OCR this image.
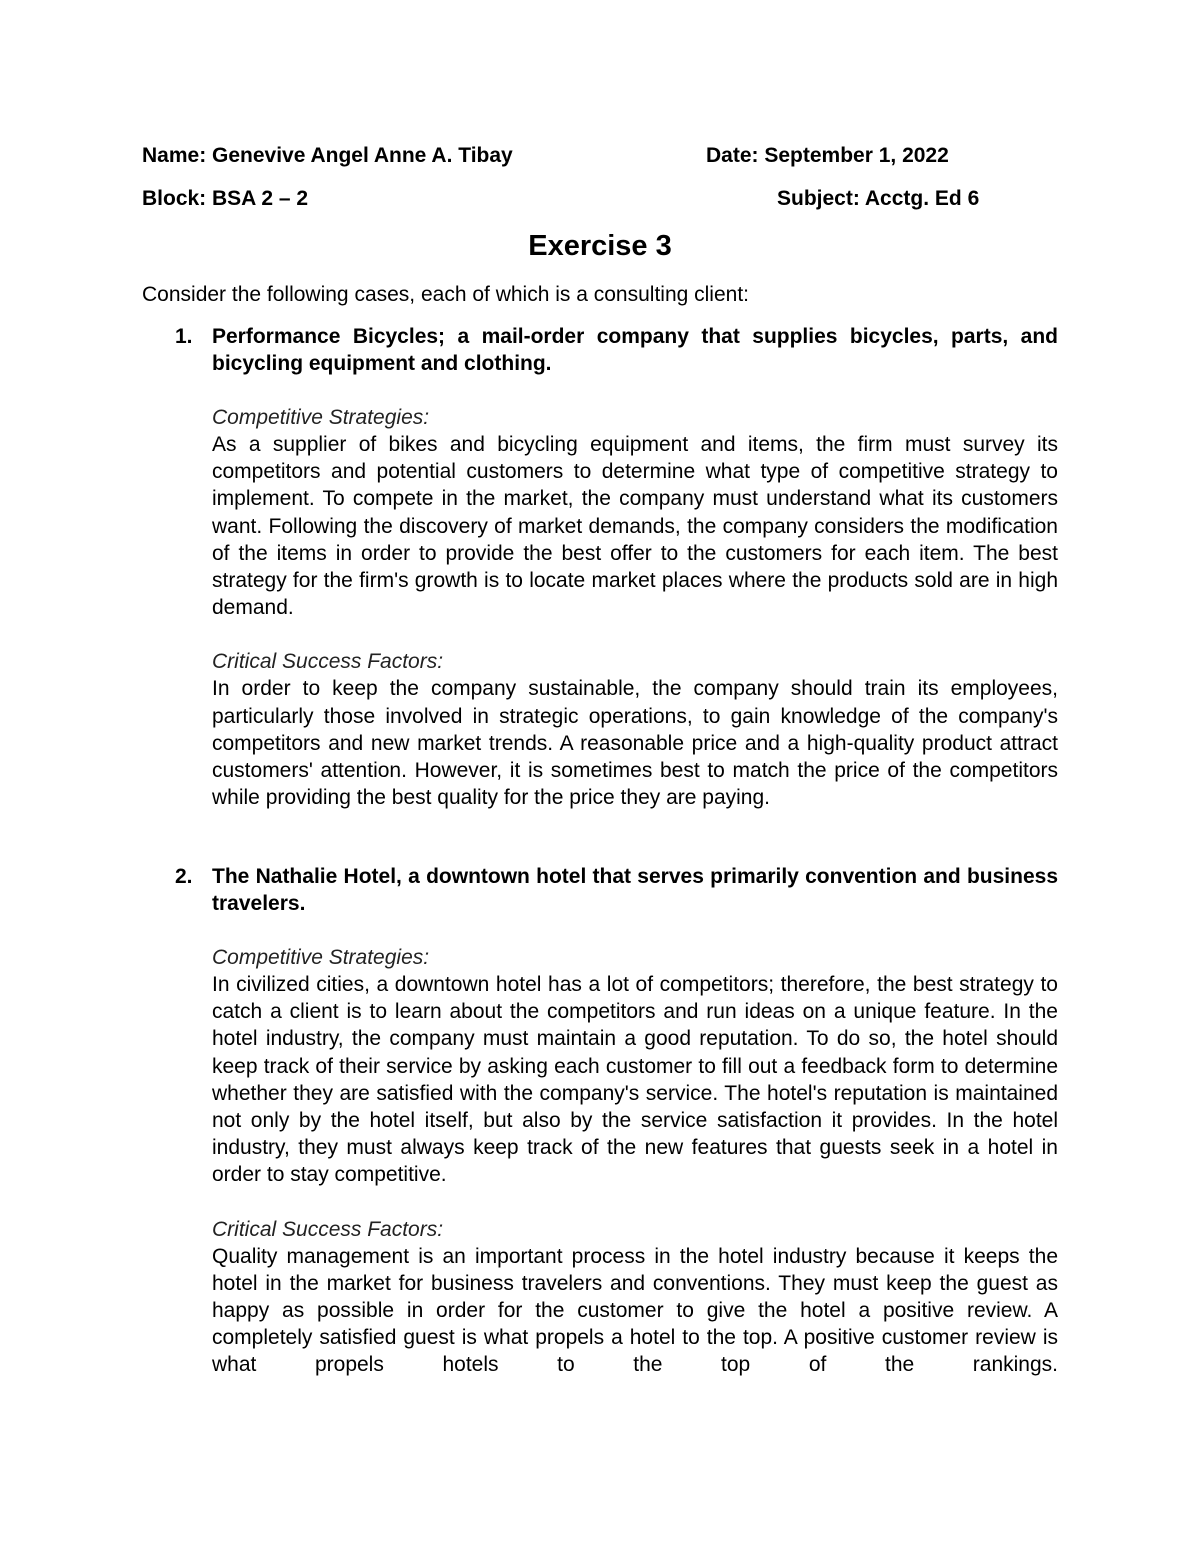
Name: Genevive Angel Anne A. Tibay	Date: September 1, 2022
Block: BSA 2 – 2	Subject: Acctg. Ed 6
Exercise 3
Consider the following cases, each of which is a consulting client:
1. Performance Bicycles; a mail-order company that supplies bicycles, parts, and bicycling equipment and clothing.
Competitive Strategies:
As a supplier of bikes and bicycling equipment and items, the firm must survey its competitors and potential customers to determine what type of competitive strategy to implement. To compete in the market, the company must understand what its customers want. Following the discovery of market demands, the company considers the modification of the items in order to provide the best offer to the customers for each item. The best strategy for the firm's growth is to locate market places where the products sold are in high demand.
Critical Success Factors:
In order to keep the company sustainable, the company should train its employees, particularly those involved in strategic operations, to gain knowledge of the company's competitors and new market trends. A reasonable price and a high-quality product attract customers' attention. However, it is sometimes best to match the price of the competitors while providing the best quality for the price they are paying.
2. The Nathalie Hotel, a downtown hotel that serves primarily convention and business travelers.
Competitive Strategies:
In civilized cities, a downtown hotel has a lot of competitors; therefore, the best strategy to catch a client is to learn about the competitors and run ideas on a unique feature. In the hotel industry, the company must maintain a good reputation. To do so, the hotel should keep track of their service by asking each customer to fill out a feedback form to determine whether they are satisfied with the company's service. The hotel's reputation is maintained not only by the hotel itself, but also by the service satisfaction it provides. In the hotel industry, they must always keep track of the new features that guests seek in a hotel in order to stay competitive.
Critical Success Factors:
Quality management is an important process in the hotel industry because it keeps the hotel in the market for business travelers and conventions. They must keep the guest as happy as possible in order for the customer to give the hotel a positive review. A completely satisfied guest is what propels a hotel to the top. A positive customer review is what propels hotels to the top of the rankings.
